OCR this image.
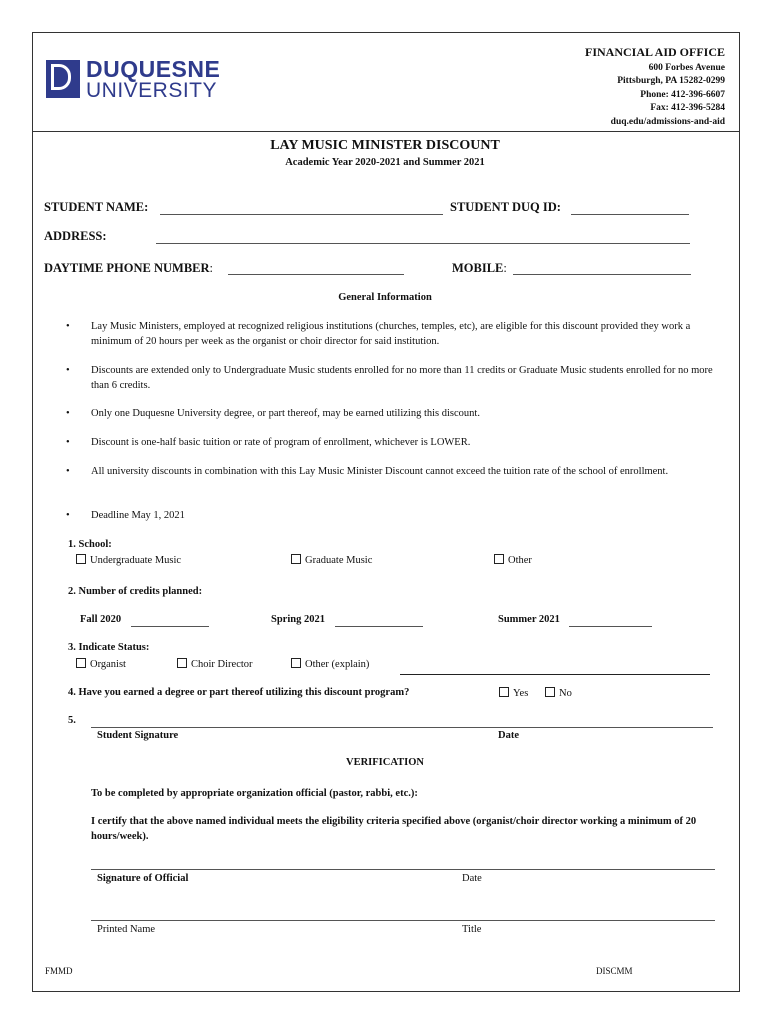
DUQUESNE
UNIVERSITY
FINANCIAL AID OFFICE
600 Forbes Avenue
Pittsburgh, PA 15282-0299
Phone: 412-396-6607
Fax: 412-396-5284
duq.edu/admissions-and-aid
LAY MUSIC MINISTER DISCOUNT
Academic Year 2020-2021 and Summer 2021
STUDENT NAME:	STUDENT DUQ ID:
ADDRESS:
DAYTIME PHONE NUMBER:	MOBILE:
General Information
• Lay Music Ministers, employed at recognized religious institutions (churches, temples, etc), are eligible for this discount provided they work a minimum of 20 hours per week as the organist or choir director for said institution.
• Discounts are extended only to Undergraduate Music students enrolled for no more than 11 credits or Graduate Music students enrolled for no more than 6 credits.
• Only one Duquesne University degree, or part thereof, may be earned utilizing this discount.
• Discount is one-half basic tuition or rate of program of enrollment, whichever is LOWER.
• All university discounts in combination with this Lay Music Minister Discount cannot exceed the tuition rate of the school of enrollment.
• Deadline May 1, 2021
1. School:
Undergraduate Music	Graduate Music	Other
2. Number of credits planned:
Fall 2020	Spring 2021	Summer 2021
3. Indicate Status:
Organist	Choir Director	Other (explain)
4. Have you earned a degree or part thereof utilizing this discount program?	Yes	No
5.
Student Signature	Date
VERIFICATION
To be completed by appropriate organization official (pastor, rabbi, etc.):
I certify that the above named individual meets the eligibility criteria specified above (organist/choir director working a minimum of 20 hours/week).
Signature of Official	Date
Printed Name	Title
FMMD	DISCMM
